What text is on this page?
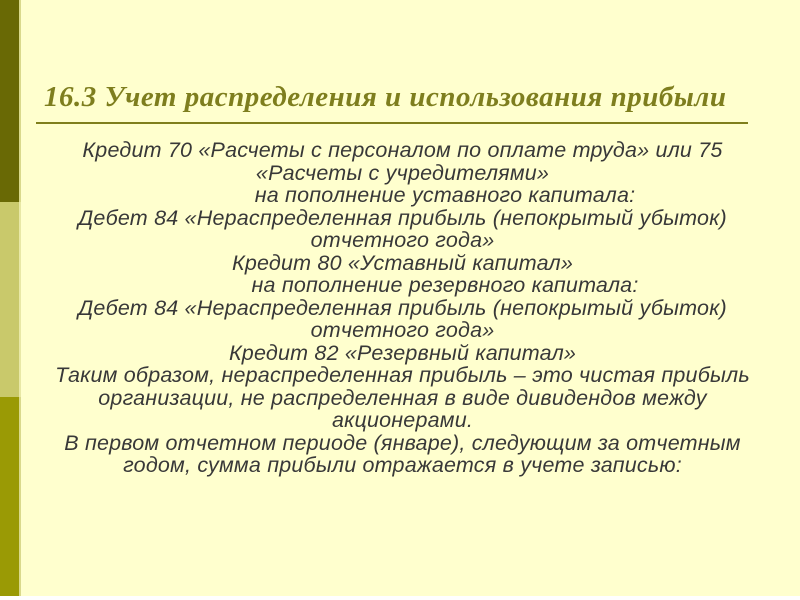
16.3 Учет распределения и использования прибыли

Кредит 70 «Расчеты с персоналом по оплате труда» или 75
«Расчеты с учредителями»

на пополнение уставного капитала:

Дебет 84 «Нераспределенная прибыль (непокрытый убыток)
отчетного года»

Кредит 80 «Уставный капитал»

на пополнение резервного капитала:

Дебет 84 «Нераспределенная прибыль (непокрытый убыток)
отчетного года»

Кредит 82 «Резервный капитал»

Таким образом, нераспределенная прибыль – это чистая прибыль
организации, не распределенная в виде дивидендов между
акционерами.

В первом отчетном периоде (январе), следующим за отчетным
годом, сумма прибыли отражается в учете записью:
